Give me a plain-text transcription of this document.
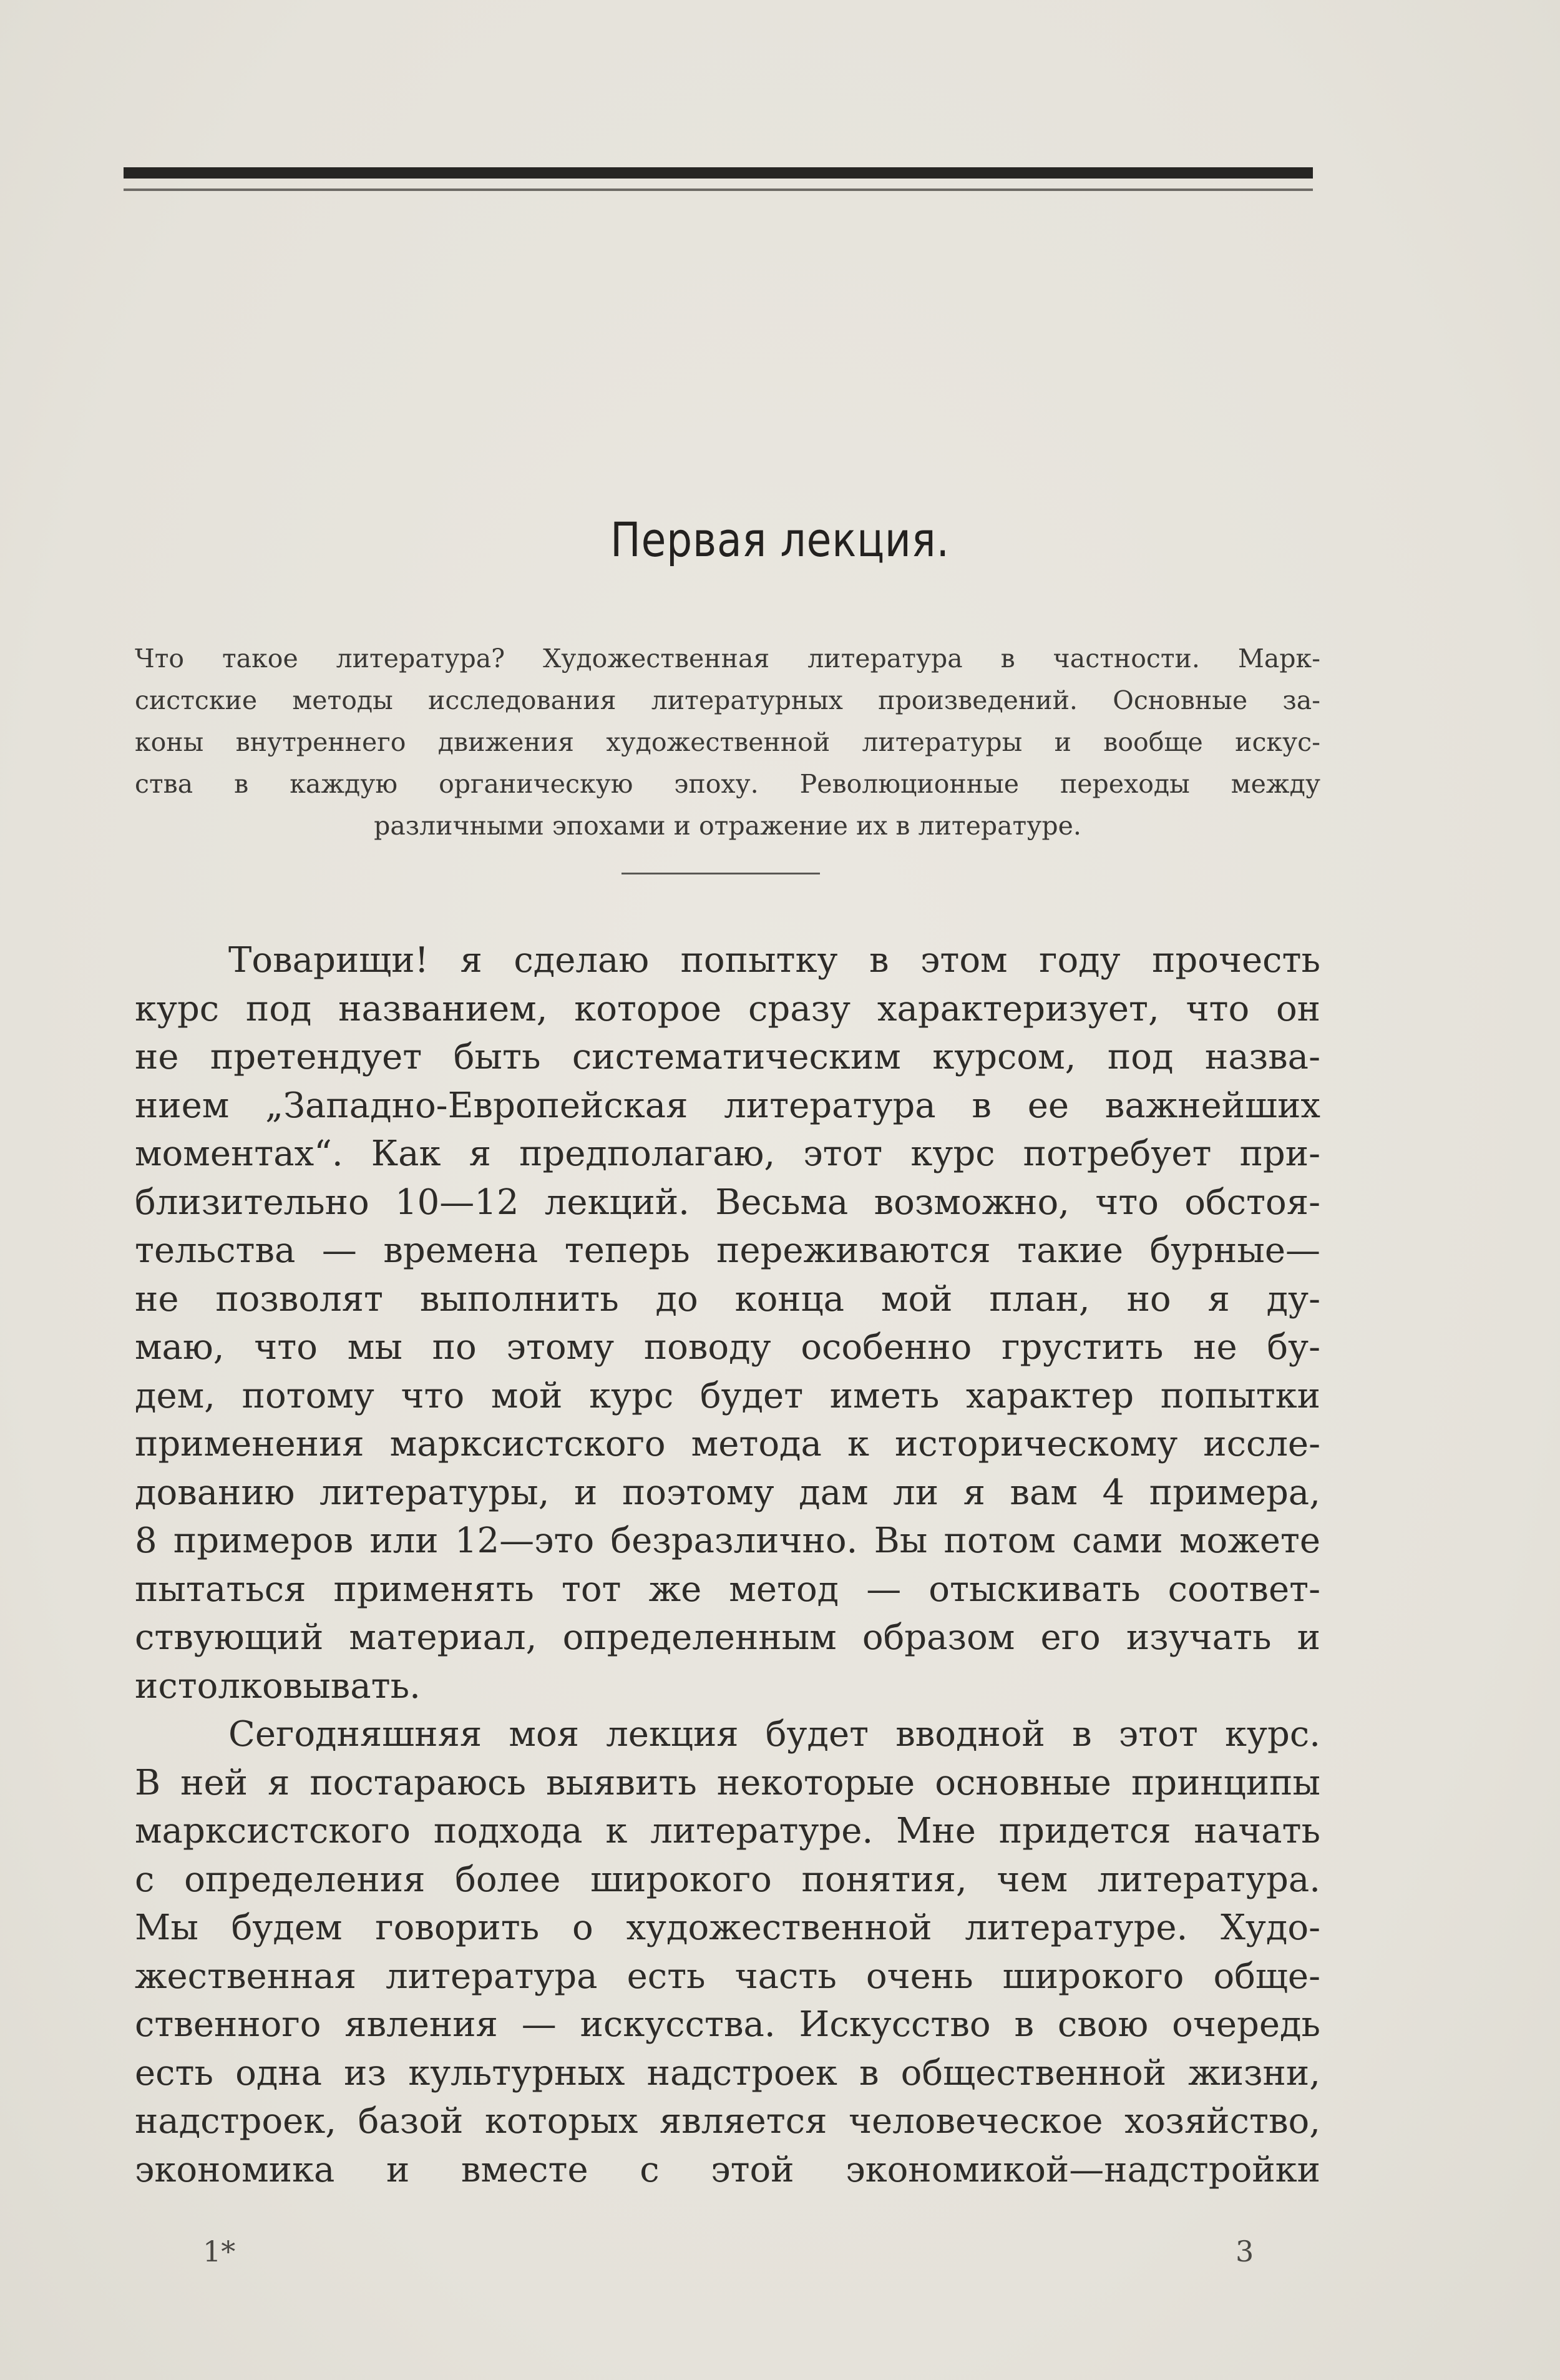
Первая лекция.
Что такое литература? Художественная литература в частности. Марк-
систские методы исследования литературных произведений. Основные за-
коны внутреннего движения художественной литературы и вообще искус-
ства в каждую органическую эпоху. Революционные переходы между
различными эпохами и отражение их в литературе.
Товарищи! я сделаю попытку в этом году прочесть
курс под названием, которое сразу характеризует, что он
не претендует быть систематическим курсом, под назва-
нием „Западно-Европейская литература в ее важнейших
моментах“. Как я предполагаю, этот курс потребует при-
близительно 10—12 лекций. Весьма возможно, что обстоя-
тельства — времена теперь переживаются такие бурные—
не позволят выполнить до конца мой план, но я ду-
маю, что мы по этому поводу особенно грустить не бу-
дем, потому что мой курс будет иметь характер попытки
применения марксистского метода к историческому иссле-
дованию литературы, и поэтому дам ли я вам 4 примера,
8 примеров или 12—это безразлично. Вы потом сами можете
пытаться применять тот же метод — отыскивать соответ-
ствующий материал, определенным образом его изучать и
истолковывать.
Сегодняшняя моя лекция будет вводной в этот курс.
В ней я постараюсь выявить некоторые основные принципы
марксистского подхода к литературе. Мне придется начать
с определения более широкого понятия, чем литература.
Мы будем говорить о художественной литературе. Худо-
жественная литература есть часть очень широкого обще-
ственного явления — искусства. Искусство в свою очередь
есть одна из культурных надстроек в общественной жизни,
надстроек, базой которых является человеческое хозяйство,
экономика и вместе с этой экономикой—надстройки
1*	3
